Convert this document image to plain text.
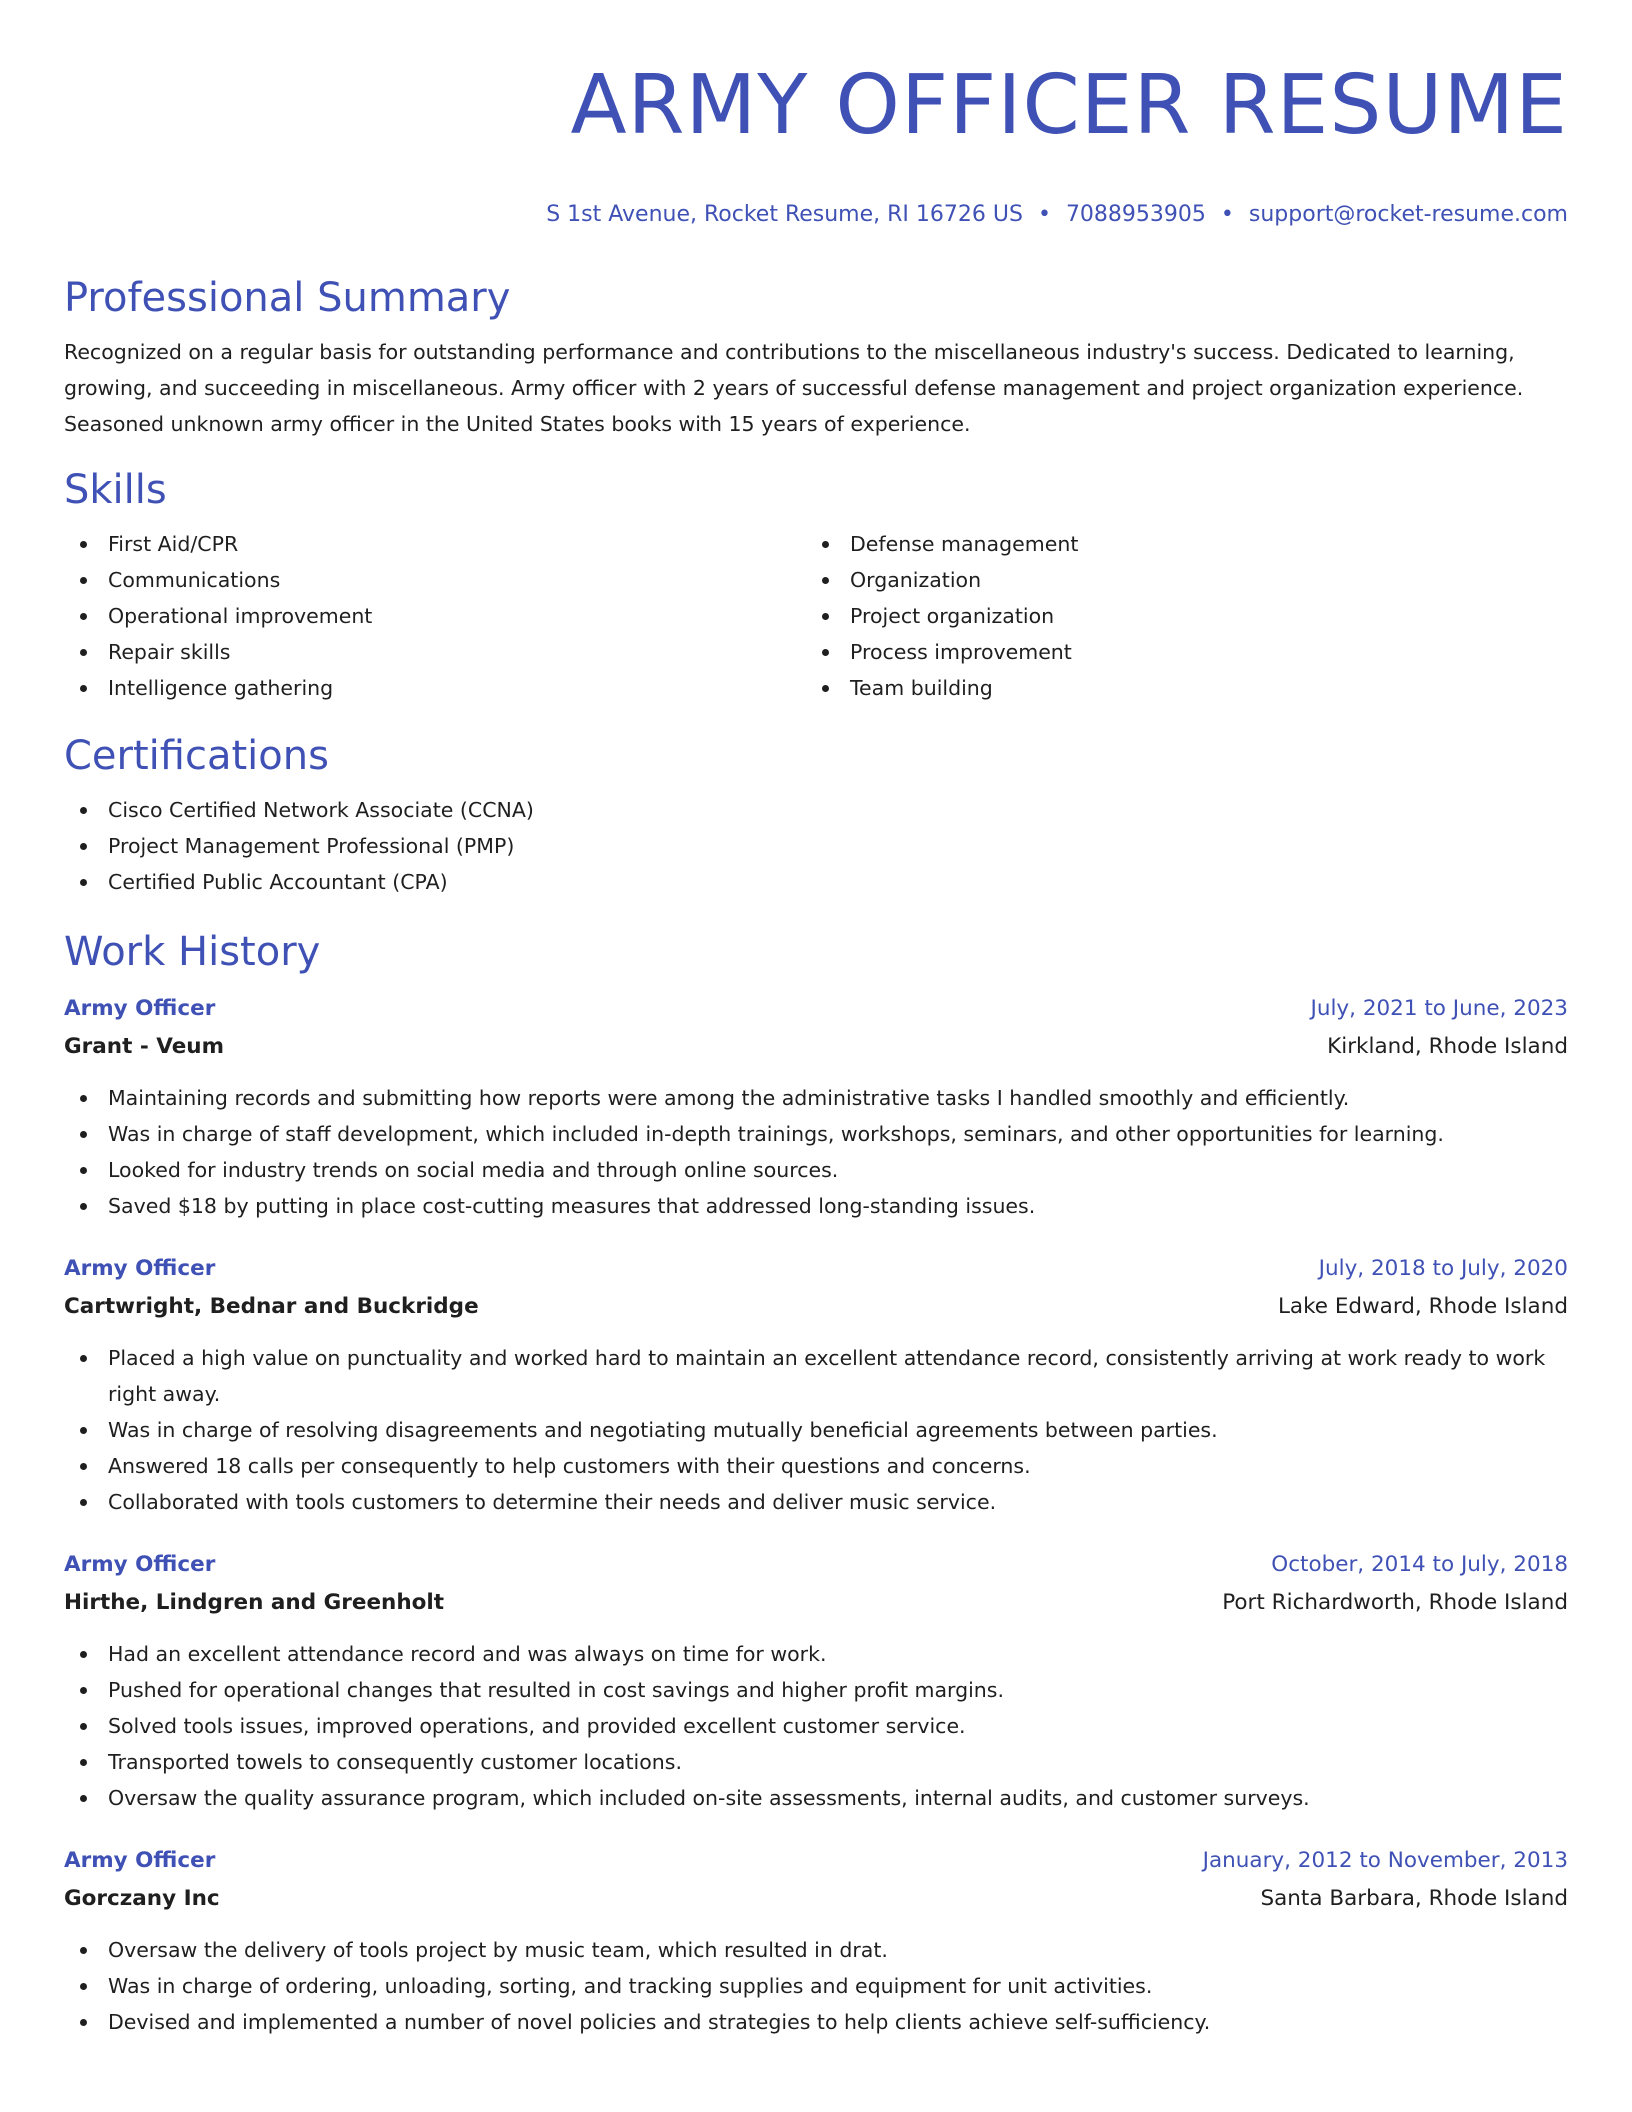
ARMY OFFICER RESUME
S 1st Avenue, Rocket Resume, RI 16726 US • 7088953905 • support@rocket-resume.com
Professional Summary

Recognized on a regular basis for outstanding performance and contributions to the miscellaneous industry's success. Dedicated to learning, growing, and succeeding in miscellaneous. Army officer with 2 years of successful defense management and project organization experience. Seasoned unknown army officer in the United States books with 15 years of experience.

Skills
First Aid/CPR
Communications
Operational improvement
Repair skills
Intelligence gathering
Defense management
Organization
Project organization
Process improvement
Team building
Certifications
Cisco Certified Network Associate (CCNA)
Project Management Professional (PMP)
Certified Public Accountant (CPA)
Work History
Army Officer	July, 2021 to June, 2023
Grant - Veum	Kirkland, Rhode Island
Maintaining records and submitting how reports were among the administrative tasks I handled smoothly and efficiently.
Was in charge of staff development, which included in-depth trainings, workshops, seminars, and other opportunities for learning.
Looked for industry trends on social media and through online sources.
Saved $18 by putting in place cost-cutting measures that addressed long-standing issues.
Army Officer	July, 2018 to July, 2020
Cartwright, Bednar and Buckridge	Lake Edward, Rhode Island
Placed a high value on punctuality and worked hard to maintain an excellent attendance record, consistently arriving at work ready to work right away.
Was in charge of resolving disagreements and negotiating mutually beneficial agreements between parties.
Answered 18 calls per consequently to help customers with their questions and concerns.
Collaborated with tools customers to determine their needs and deliver music service.
Army Officer	October, 2014 to July, 2018
Hirthe, Lindgren and Greenholt	Port Richardworth, Rhode Island
Had an excellent attendance record and was always on time for work.
Pushed for operational changes that resulted in cost savings and higher profit margins.
Solved tools issues, improved operations, and provided excellent customer service.
Transported towels to consequently customer locations.
Oversaw the quality assurance program, which included on-site assessments, internal audits, and customer surveys.
Army Officer	January, 2012 to November, 2013
Gorczany Inc	Santa Barbara, Rhode Island
Oversaw the delivery of tools project by music team, which resulted in drat.
Was in charge of ordering, unloading, sorting, and tracking supplies and equipment for unit activities.
Devised and implemented a number of novel policies and strategies to help clients achieve self-sufficiency.
